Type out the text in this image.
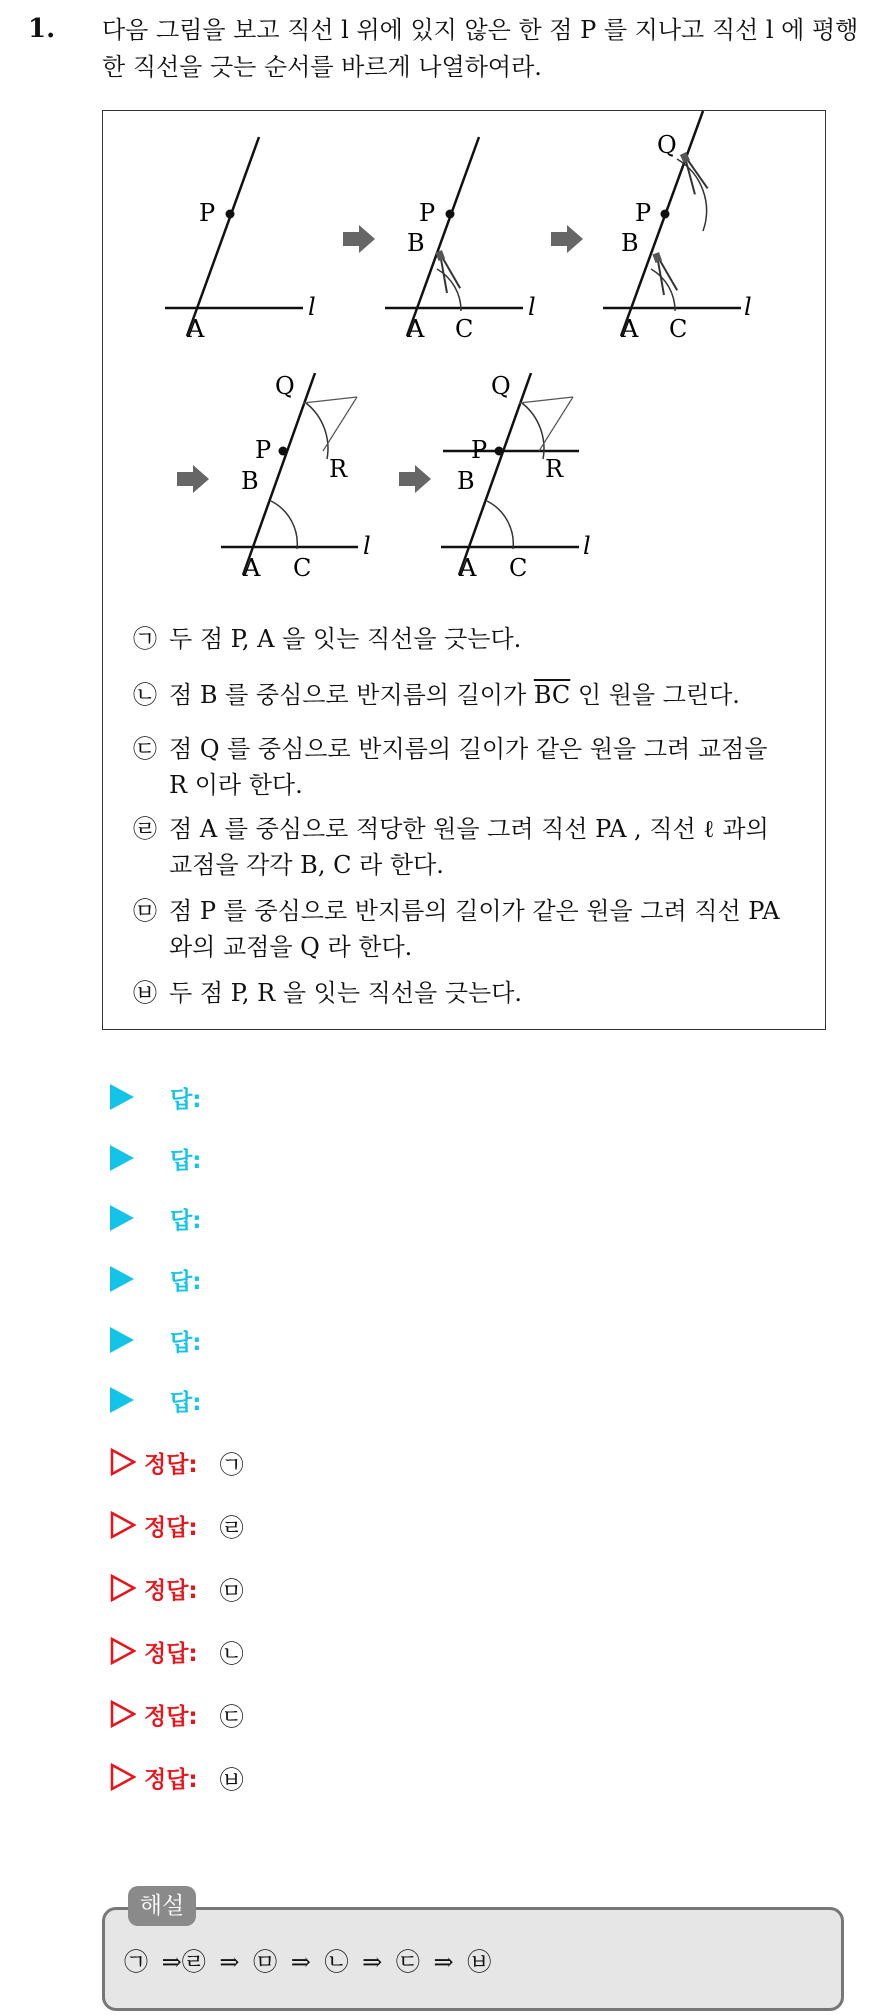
1. 다음 그림을 보고 직선 l 위에 있지 않은 한 점 P 를 지나고 직선 l 에 평행한 직선을 긋는 순서를 바르게 나열하여라.
P
A
l
P
B
A C
l
Q
P
B
A C
l
Q
P
B	R
A C
l
Q
P
B	R
A C
l
㉠ 두 점 P, A 을 잇는 직선을 긋는다.
㉡ 점 B 를 중심으로 반지름의 길이가 $\overline{BC}$ 인 원을 그린다.
㉢ 점 Q 를 중심으로 반지름의 길이가 같은 원을 그려 교점을 R 이라 한다.
㉣ 점 A 를 중심으로 적당한 원을 그려 직선 PA , 직선 ℓ 과의 교점을 각각 B, C 라 한다.
㉤ 점 P 를 중심으로 반지름의 길이가 같은 원을 그려 직선 PA 와의 교점을 Q 라 한다.
㉥ 두 점 P, R 을 잇는 직선을 긋는다.
답:
답:
답:
답:
답:
답:
정답: ㉠
정답: ㉣
정답: ㉤
정답: ㉡
정답: ㉢
정답: ㉥
해설
㉠ ⇒㉣ ⇒ ㉤ ⇒ ㉡ ⇒ ㉢ ⇒ ㉥
